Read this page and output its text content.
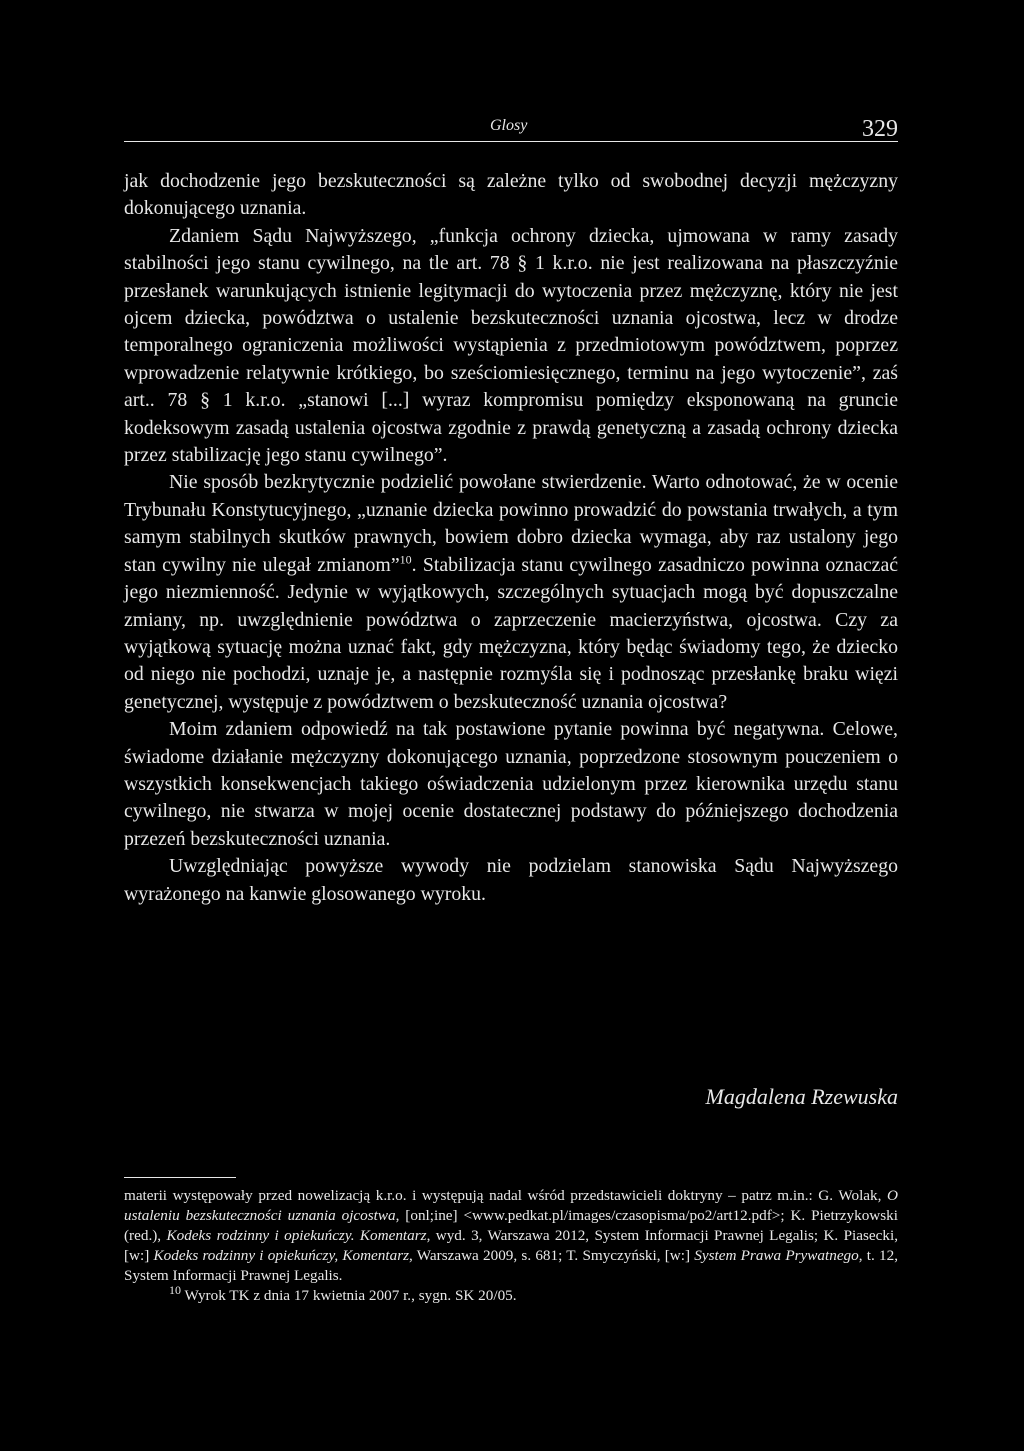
Glosy	329

jak dochodzenie jego bezskuteczności są zależne tylko od swobodnej decyzji mężczyzny dokonującego uznania.

Zdaniem Sądu Najwyższego, „funkcja ochrony dziecka, ujmowana w ramy zasady stabilności jego stanu cywilnego, na tle art. 78 § 1 k.r.o. nie jest realizowana na płaszczyźnie przesłanek warunkujących istnienie legitymacji do wytoczenia przez mężczyznę, który nie jest ojcem dziecka, powództwa o ustalenie bezskuteczności uznania ojcostwa, lecz w drodze temporalnego ograniczenia możliwości wystąpienia z przedmiotowym powództwem, poprzez wprowadzenie relatywnie krótkiego, bo sześciomiesięcznego, terminu na jego wytoczenie”, zaś art.. 78 § 1 k.r.o. „stanowi [...] wyraz kompromisu pomiędzy eksponowaną na gruncie kodeksowym zasadą ustalenia ojcostwa zgodnie z prawdą genetyczną a zasadą ochrony dziecka przez stabilizację jego stanu cywilnego”.

Nie sposób bezkrytycznie podzielić powołane stwierdzenie. Warto odnotować, że w ocenie Trybunału Konstytucyjnego, „uznanie dziecka powinno prowadzić do powstania trwałych, a tym samym stabilnych skutków prawnych, bowiem dobro dziecka wymaga, aby raz ustalony jego stan cywilny nie ulegał zmianom”$^{10}$. Stabilizacja stanu cywilnego zasadniczo powinna oznaczać jego niezmienność. Jedynie w wyjątkowych, szczególnych sytuacjach mogą być dopuszczalne zmiany, np. uwzględnienie powództwa o zaprzeczenie macierzyństwa, ojcostwa. Czy za wyjątkową sytuację można uznać fakt, gdy mężczyzna, który będąc świadomy tego, że dziecko od niego nie pochodzi, uznaje je, a następnie rozmyśla się i podnosząc przesłankę braku więzi genetycznej, występuje z powództwem o bezskuteczność uznania ojcostwa?

Moim zdaniem odpowiedź na tak postawione pytanie powinna być negatywna. Celowe, świadome działanie mężczyzny dokonującego uznania, poprzedzone stosownym pouczeniem o wszystkich konsekwencjach takiego oświadczenia udzielonym przez kierownika urzędu stanu cywilnego, nie stwarza w mojej ocenie dostatecznej podstawy do późniejszego dochodzenia przezeń bezskuteczności uznania.

Uwzględniając powyższe wywody nie podzielam stanowiska Sądu Najwyższego wyrażonego na kanwie glosowanego wyroku.

Magdalena Rzewuska

materii występowały przed nowelizacją k.r.o. i występują nadal wśród przedstawicieli doktryny – patrz m.in.: G. Wolak, O ustaleniu bezskuteczności uznania ojcostwa, [onl;ine] <www.pedkat.pl/images/czasopisma/po2/art12.pdf>; K. Pietrzykowski (red.), Kodeks rodzinny i opiekuńczy. Komentarz, wyd. 3, Warszawa 2012, System Informacji Prawnej Legalis; K. Piasecki, [w:] Kodeks rodzinny i opiekuńczy, Komentarz, Warszawa 2009, s. 681; T. Smyczyński, [w:] System Prawa Prywatnego, t. 12, System Informacji Prawnej Legalis.

$^{10}$ Wyrok TK z dnia 17 kwietnia 2007 r., sygn. SK 20/05.
